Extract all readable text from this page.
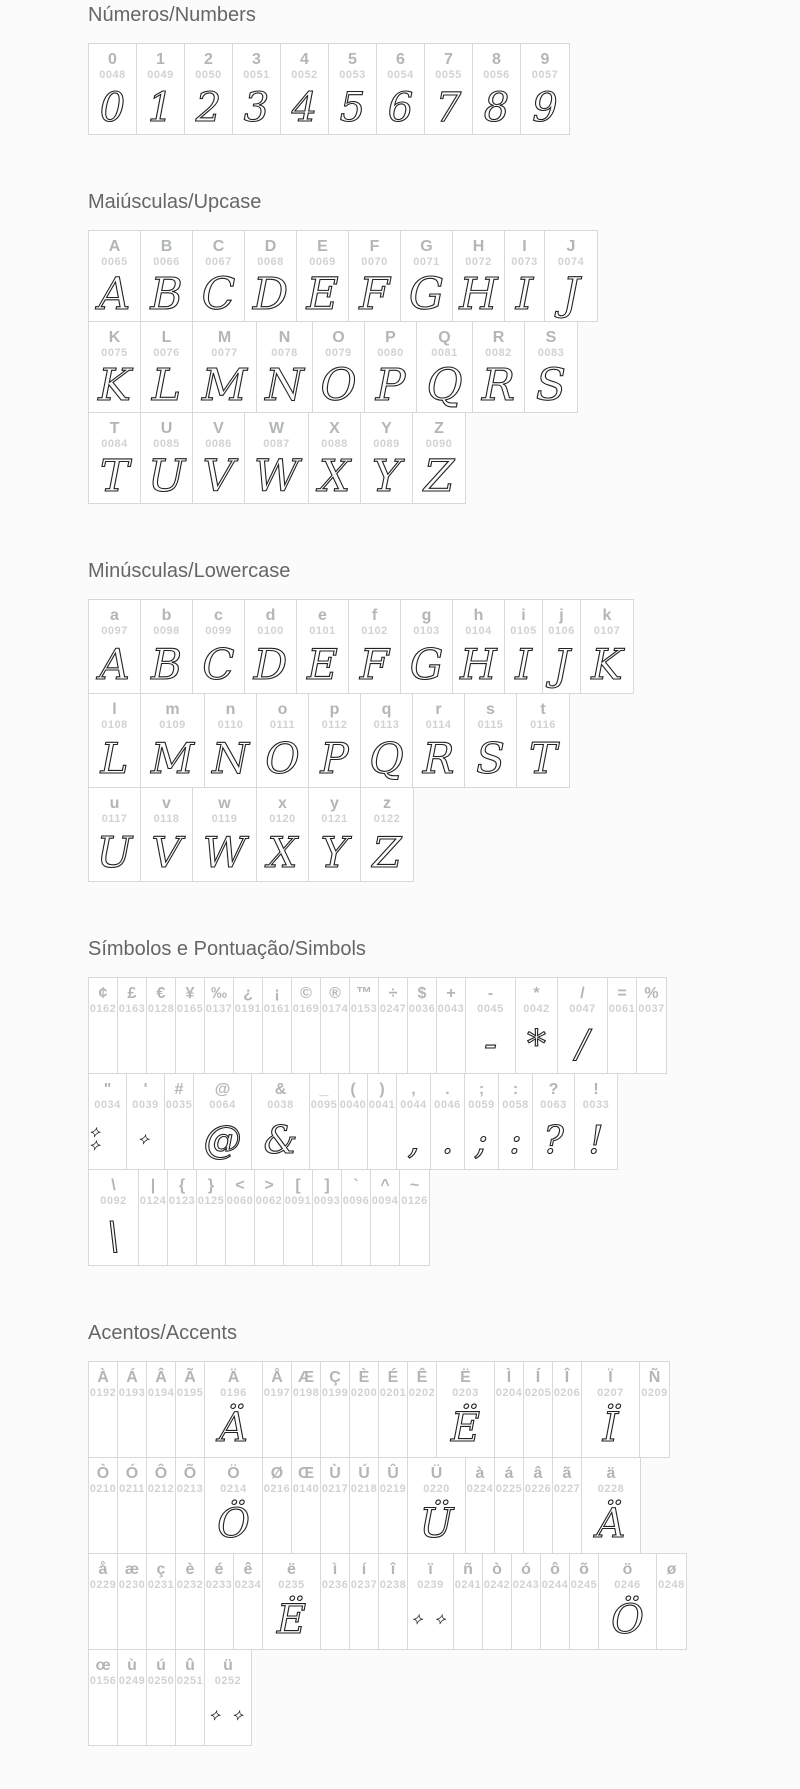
Números/Numbers
0
0048
0
1
0049
1
2
0050
2
3
0051
3
4
0052
4
5
0053
5
6
0054
6
7
0055
7
8
0056
8
9
0057
9
Maiúsculas/Upcase
A
0065
A
B
0066
B
C
0067
C
D
0068
D
E
0069
E
F
0070
F
G
0071
G
H
0072
H
I
0073
I
J
0074
J
K
0075
K
L
0076
L
M
0077
M
N
0078
N
O
0079
O
P
0080
P
Q
0081
Q
R
0082
R
S
0083
S
T
0084
T
U
0085
U
V
0086
V
W
0087
W
X
0088
X
Y
0089
Y
Z
0090
Z
Minúsculas/Lowercase
a
0097
A
b
0098
B
c
0099
C
d
0100
D
e
0101
E
f
0102
F
g
0103
G
h
0104
H
i
0105
I
j
0106
J
k
0107
K
l
0108
L
m
0109
M
n
0110
N
o
0111
O
p
0112
P
q
0113
Q
r
0114
R
s
0115
S
t
0116
T
u
0117
U
v
0118
V
w
0119
W
x
0120
X
y
0121
Y
z
0122
Z
Símbolos e Pontuação/Simbols
¢
0162
£
0163
€
0128
¥
0165
‰
0137
¿
0191
¡
0161
©
0169
®
0174
™
0153
÷
0247
$
0036
+
0043
-
0045
-
*
0042
*
/
0047
/
=
0061
%
0037
"
0034
✦ ✦
'
0039
✦
#
0035
@
0064
@
&
0038
&
_
0095
(
0040
)
0041
,
0044
,
.
0046
.
;
0059
;
:
0058
:
?
0063
?
!
0033
!
\
0092
\
|
0124
{
0123
}
0125
<
0060
>
0062
[
0091
]
0093
`
0096
^
0094
~
0126
Acentos/Accents
À
0192
Á
0193
Â
0194
Ã
0195
Ä
0196
Ä
Å
0197
Æ
0198
Ç
0199
È
0200
É
0201
Ê
0202
Ë
0203
Ë
Ì
0204
Í
0205
Î
0206
Ï
0207
Ï
Ñ
0209
Ò
0210
Ó
0211
Ô
0212
Õ
0213
Ö
0214
Ö
Ø
0216
Œ
0140
Ù
0217
Ú
0218
Û
0219
Ü
0220
Ü
à
0224
á
0225
â
0226
ã
0227
ä
0228
Ä
å
0229
æ
0230
ç
0231
è
0232
é
0233
ê
0234
ë
0235
Ë
ì
0236
í
0237
î
0238
ï
0239
✦ ✦
ñ
0241
ò
0242
ó
0243
ô
0244
õ
0245
ö
0246
Ö
ø
0248
œ
0156
ù
0249
ú
0250
û
0251
ü
0252
✦ ✦
